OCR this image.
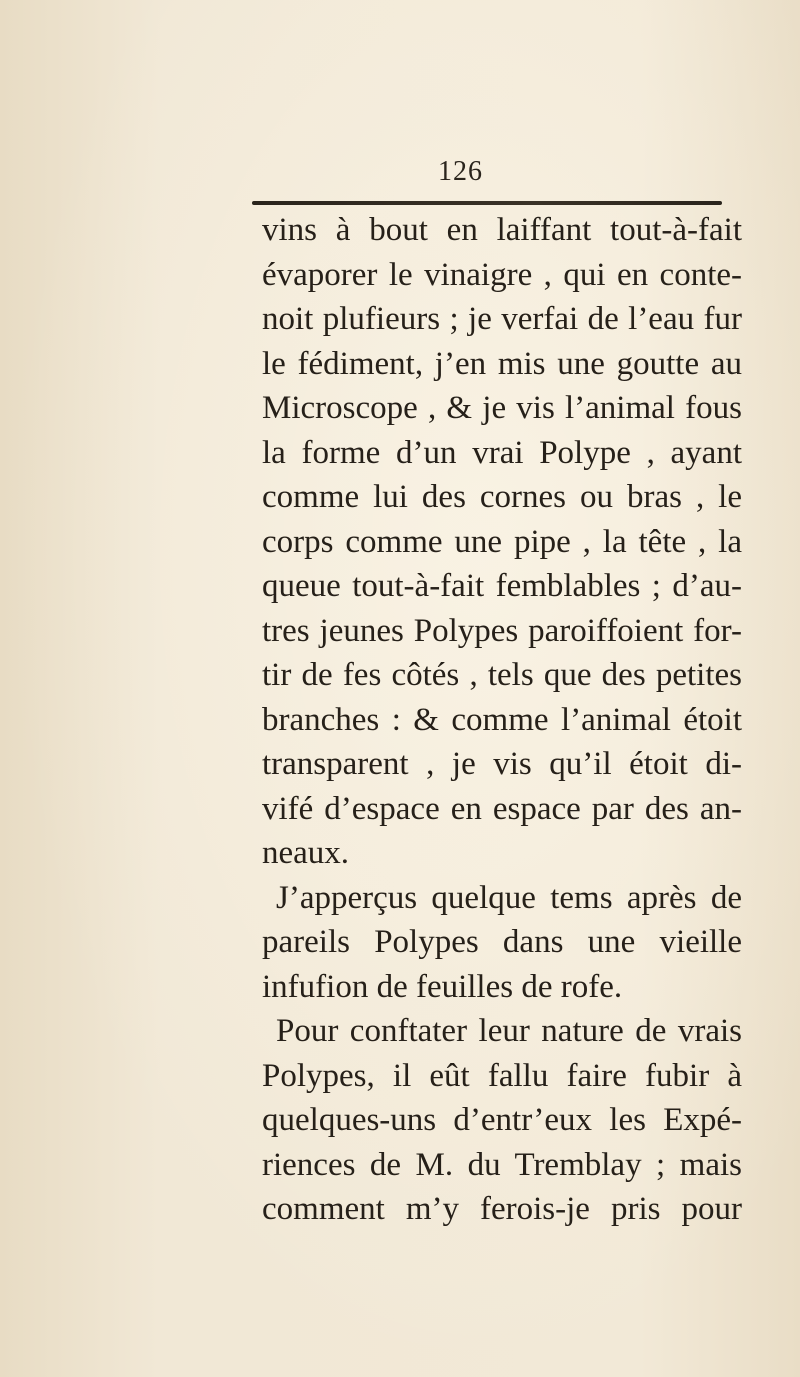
126
vins à bout en laiffant tout-à-fait
évaporer le vinaigre , qui en conte-
noit plufieurs ; je verfai de l’eau fur
le fédiment, j’en mis une goutte au
Microscope , & je vis l’animal fous
la forme d’un vrai Polype , ayant
comme lui des cornes ou bras , le
corps comme une pipe , la tête , la
queue tout-à-fait femblables ; d’au-
tres jeunes Polypes paroiffoient for-
tir de fes côtés , tels que des petites
branches : & comme l’animal étoit
transparent , je vis qu’il étoit di-
vifé d’espace en espace par des an-
neaux.
J’apperçus quelque tems après de
pareils Polypes dans une vieille
infufion de feuilles de rofe.
Pour conftater leur nature de vrais
Polypes, il eût fallu faire fubir à
quelques-uns d’entr’eux les Expé-
riences de M. du Tremblay ; mais
comment m’y ferois-je pris pour
